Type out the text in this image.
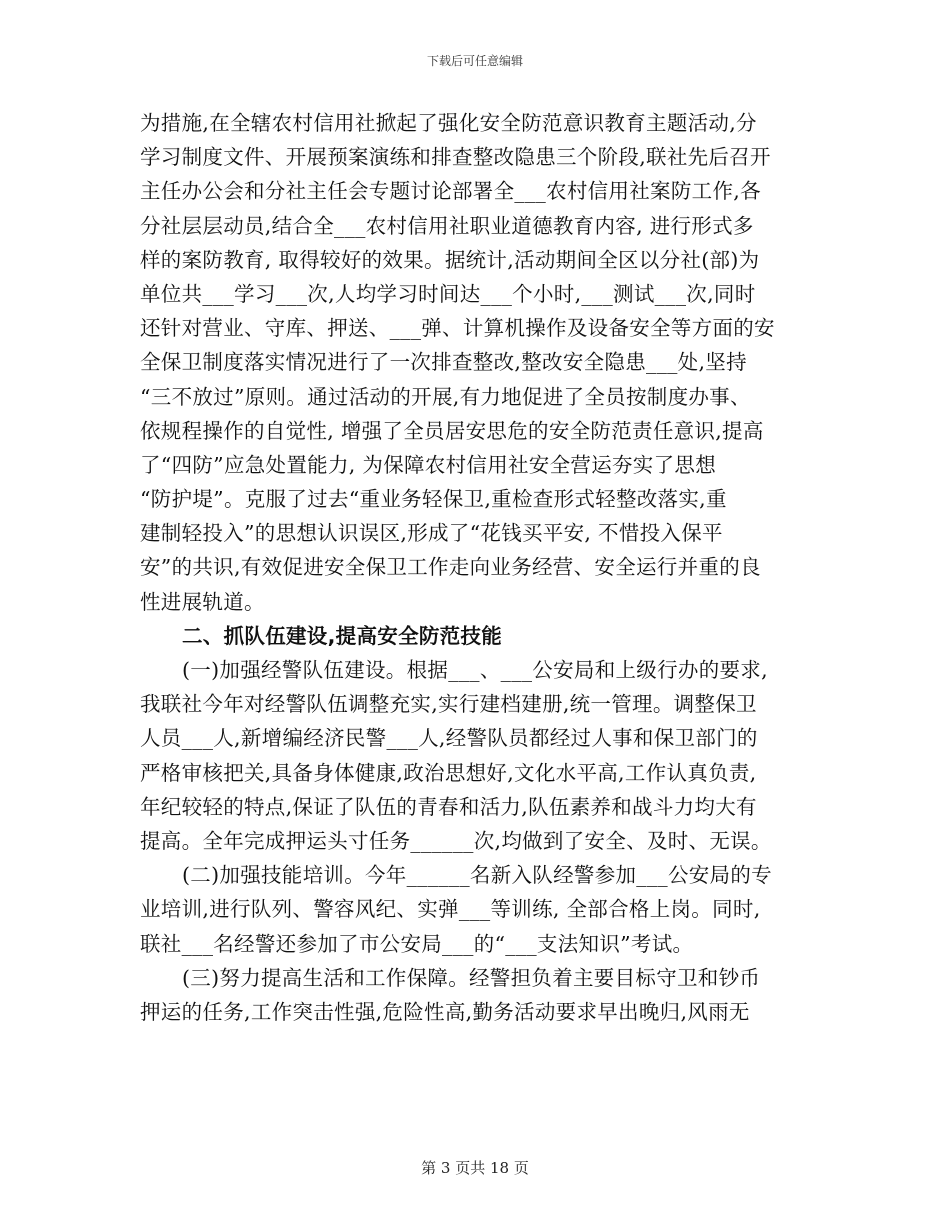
下载后可任意编辑
为措施,在全辖农村信用社掀起了强化安全防范意识教育主题活动,分
学习制度文件、开展预案演练和排查整改隐患三个阶段,联社先后召开
主任办公会和分社主任会专题讨论部署全___农村信用社案防工作,各
分社层层动员,结合全___农村信用社职业道德教育内容, 进行形式多
样的案防教育, 取得较好的效果。据统计,活动期间全区以分社(部)为
单位共___学习___次,人均学习时间达___个小时,___测试___次,同时
还针对营业、守库、押送、___弹、计算机操作及设备安全等方面的安
全保卫制度落实情况进行了一次排查整改,整改安全隐患___处,坚持
“三不放过”原则。通过活动的开展,有力地促进了全员按制度办事、
依规程操作的自觉性, 增强了全员居安思危的安全防范责任意识,提高
了“四防”应急处置能力, 为保障农村信用社安全营运夯实了思想
“防护堤”。克服了过去“重业务轻保卫,重检查形式轻整改落实,重
建制轻投入”的思想认识误区,形成了“花钱买平安, 不惜投入保平
安”的共识,有效促进安全保卫工作走向业务经营、安全运行并重的良
性进展轨道。
二、抓队伍建设,提高安全防范技能
(一)加强经警队伍建设。根据___、___公安局和上级行办的要求,
我联社今年对经警队伍调整充实,实行建档建册,统一管理。调整保卫
人员___人,新增编经济民警___人,经警队员都经过人事和保卫部门的
严格审核把关,具备身体健康,政治思想好,文化水平高,工作认真负责,
年纪较轻的特点,保证了队伍的青春和活力,队伍素养和战斗力均大有
提高。全年完成押运头寸任务______次,均做到了安全、及时、无误。
(二)加强技能培训。今年______名新入队经警参加___公安局的专
业培训,进行队列、警容风纪、实弹___等训练, 全部合格上岗。同时,
联社___名经警还参加了市公安局___的“___支法知识”考试。
(三)努力提高生活和工作保障。经警担负着主要目标守卫和钞币
押运的任务,工作突击性强,危险性高,勤务活动要求早出晚归,风雨无
第 3 页共 18 页
